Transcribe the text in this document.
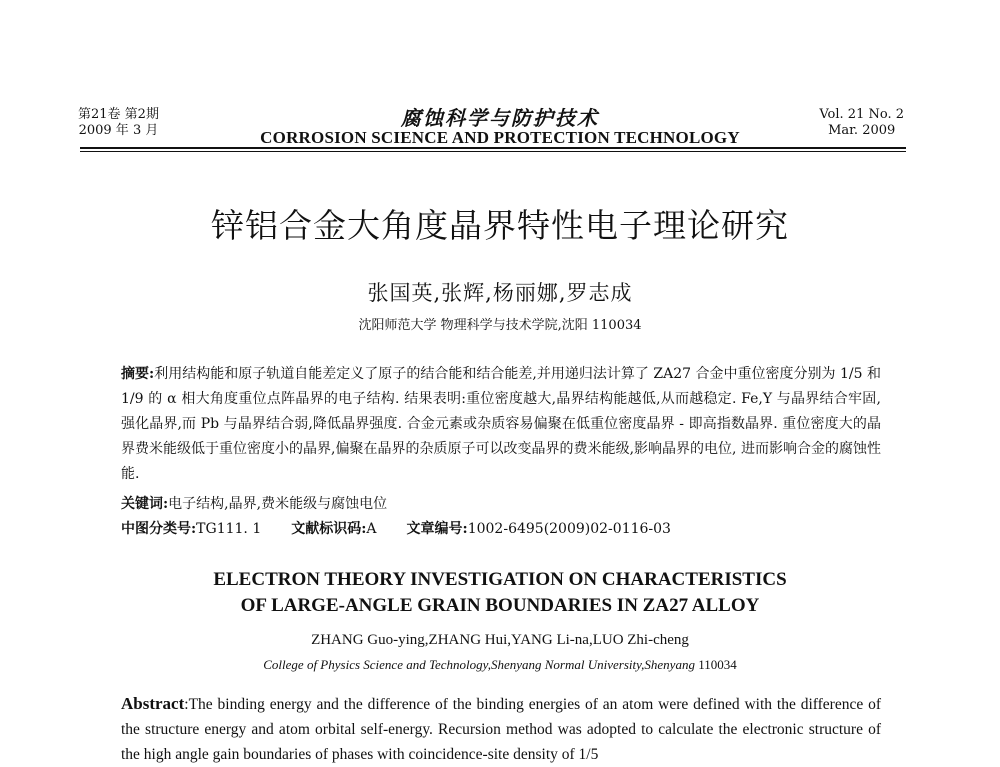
第21卷 第2期
2009 年 3 月
腐蚀科学与防护技术
CORROSION SCIENCE AND PROTECTION TECHNOLOGY
Vol. 21 No. 2
Mar. 2009
锌铝合金大角度晶界特性电子理论研究
张国英,张辉,杨丽娜,罗志成
沈阳师范大学 物理科学与技术学院,沈阳 110034
摘要:利用结构能和原子轨道自能差定义了原子的结合能和结合能差,并用递归法计算了 ZA27 合金中重位密度分别为 1/5 和 1/9 的 α 相大角度重位点阵晶界的电子结构. 结果表明:重位密度越大,晶界结构能越低,从而越稳定. Fe,Y 与晶界结合牢固,强化晶界,而 Pb 与晶界结合弱,降低晶界强度. 合金元素或杂质容易偏聚在低重位密度晶界 - 即高指数晶界. 重位密度大的晶界费米能级低于重位密度小的晶界,偏聚在晶界的杂质原子可以改变晶界的费米能级,影响晶界的电位, 进而影响合金的腐蚀性能.
关键词:电子结构,晶界,费米能级与腐蚀电位
中图分类号:TG111. 1 文献标识码:A 文章编号:1002-6495(2009)02-0116-03
ELECTRON THEORY INVESTIGATION ON CHARACTERISTICS
OF LARGE-ANGLE GRAIN BOUNDARIES IN ZA27 ALLOY
ZHANG Guo-ying,ZHANG Hui,YANG Li-na,LUO Zhi-cheng
College of Physics Science and Technology,Shenyang Normal University,Shenyang 110034
Abstract:The binding energy and the difference of the binding energies of an atom were defined with the difference of the structure energy and atom orbital self-energy. Recursion method was adopted to calculate the electronic structure of the high angle gain boundaries of phases with coincidence-site density of 1/5
